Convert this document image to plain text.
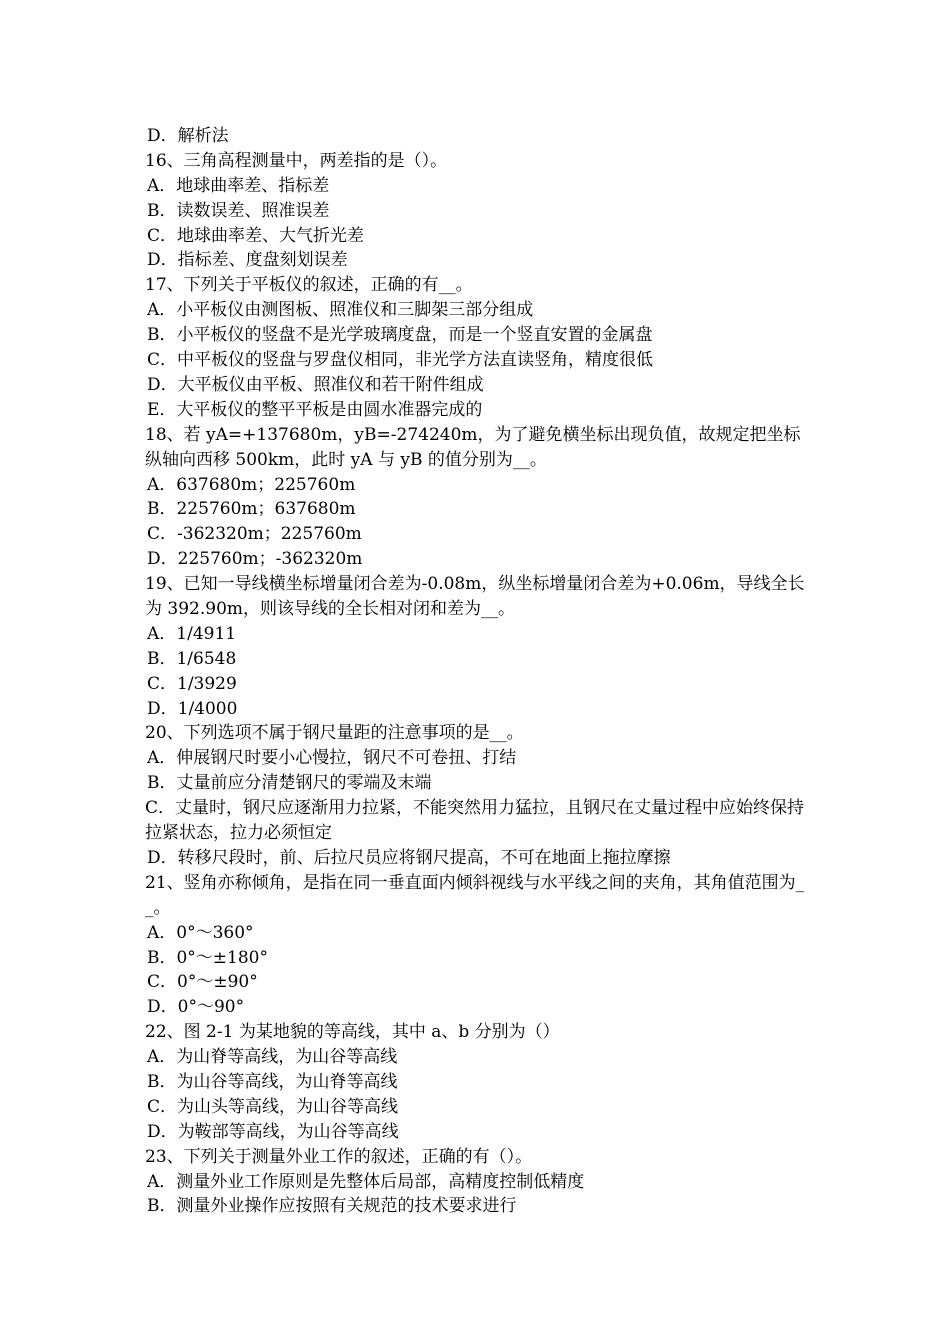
D．解析法
16、三角高程测量中，两差指的是（）。
A．地球曲率差、指标差
B．读数误差、照准误差
C．地球曲率差、大气折光差
D．指标差、度盘刻划误差
17、下列关于平板仪的叙述，正确的有__。
A．小平板仪由测图板、照准仪和三脚架三部分组成
B．小平板仪的竖盘不是光学玻璃度盘，而是一个竖直安置的金属盘
C．中平板仪的竖盘与罗盘仪相同，非光学方法直读竖角，精度很低
D．大平板仪由平板、照准仪和若干附件组成
E．大平板仪的整平平板是由圆水准器完成的
18、若 yA=+137680m，yB=-274240m，为了避免横坐标出现负值，故规定把坐标纵轴向西移 500km，此时 yA 与 yB 的值分别为__。
A．637680m；225760m
B．225760m；637680m
C．-362320m；225760m
D．225760m；-362320m
19、已知一导线横坐标增量闭合差为-0.08m，纵坐标增量闭合差为+0.06m，导线全长为 392.90m，则该导线的全长相对闭和差为__。
A．1/4911
B．1/6548
C．1/3929
D．1/4000
20、下列选项不属于钢尺量距的注意事项的是__。
A．伸展钢尺时要小心慢拉，钢尺不可卷扭、打结
B．丈量前应分清楚钢尺的零端及末端
C．丈量时，钢尺应逐渐用力拉紧，不能突然用力猛拉，且钢尺在丈量过程中应始终保持拉紧状态，拉力必须恒定
D．转移尺段时，前、后拉尺员应将钢尺提高，不可在地面上拖拉摩擦
21、竖角亦称倾角，是指在同一垂直面内倾斜视线与水平线之间的夹角，其角值范围为__。
A．0°～360°
B．0°～±180°
C．0°～±90°
D．0°～90°
22、图 2-1 为某地貌的等高线，其中 a、b 分别为（）
A．为山脊等高线，为山谷等高线
B．为山谷等高线，为山脊等高线
C．为山头等高线，为山谷等高线
D．为鞍部等高线，为山谷等高线
23、下列关于测量外业工作的叙述，正确的有（）。
A．测量外业工作原则是先整体后局部，高精度控制低精度
B．测量外业操作应按照有关规范的技术要求进行
